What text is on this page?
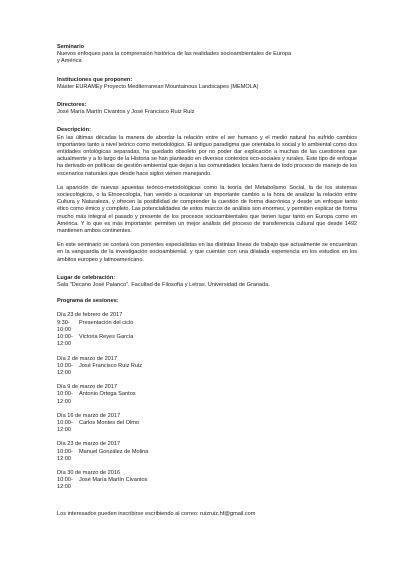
Seminario
Nuevos enfoques para la comprensión histórica de las realidades socioambientales de Europa
y América
Instituciones que proponen:
Máster EURAMEy Proyecto Mediterranean Mountainous Landscapes (MEMOLA)
Directores:
José María Martín Civantos y José Francisco Ruiz Ruiz
Descripción:
En las últimas décadas la manera de abordar la relación entre el ser humano y el medio natural ha sufrido cambios importantes tanto a nivel teórico como metodológico. El antiguo paradigma que orientaba lo social y lo ambiental como dos entidades ontológicas separadas, ha quedado obsoleto por no poder dar explicación a muchas de las cuestiones que actualmente y a lo largo de la Historia se han planteado en diversos contextos eco-sociales y rurales. Este tipo de enfoque ha derivado en políticas de gestión ambiental que dejan a las comunidades locales fuera de todo proceso de manejo de los escenarios naturales que desde hace siglos vienen manejando.
La aparición de nuevas apuestas teórico-metodológicas como la teoría del Metabolismo Social, la de los sistemas sociecológicos, o la Etnoecología, han venido a ocasionar un importante cambio a la hora de analizar la relación entre Cultura y Naturaleza, y ofrecen la posibilidad de comprender la cuestión de forma diacrónica y desde un enfoque tanto ético como émico y completo. Las potencialidades de estos marcos de análisis son enormes, y permiten explicar de forma mucho más integral el pasado y presente de los procesos socioambientales que tienen lugar tanto en Europa como en América. Y lo que es más importante: permiten un mejor análisis del proceso de transferencia cultural que desde 1492 mantienen ambos continentes.
En este seminario se contará con ponentes especialistas en las distintas líneas de trabajo que actualmente se encuentran en la vanguardia de la investigación socioambiental, y que cuentan con una dilatada experiencia en los estudios en los ámbitos europeo y latinoamericano.
Lugar de celebración:
Sala "Decano José Palanco". Facultad de Filosofía y Letras. Universidad de Granada.
Programa de sesiones:
Día 23 de febrero de 2017
9:30-10:00
Presentación del ciclo
10:00-12:00
Victoria Reyes García
Día 2 de marzo de 2017
10:00-12:00
José Francisco Ruiz Ruiz
Día 9 de marzo de 2017
10:00-12:00
Antonio Ortega Santos
Día 16 de marzo de 2017
10:00-12:00
Carlos Montes del Olmo
Día 23 de marzo de 2017
10:00-12:00
Manuel González de Molina
Día 30 de marzo de 2016
10:00-12:00
José María Martín Civantos
Los interesados pueden inscribirse escribiendo al correo: ruizruiz.hf@gmail.com
